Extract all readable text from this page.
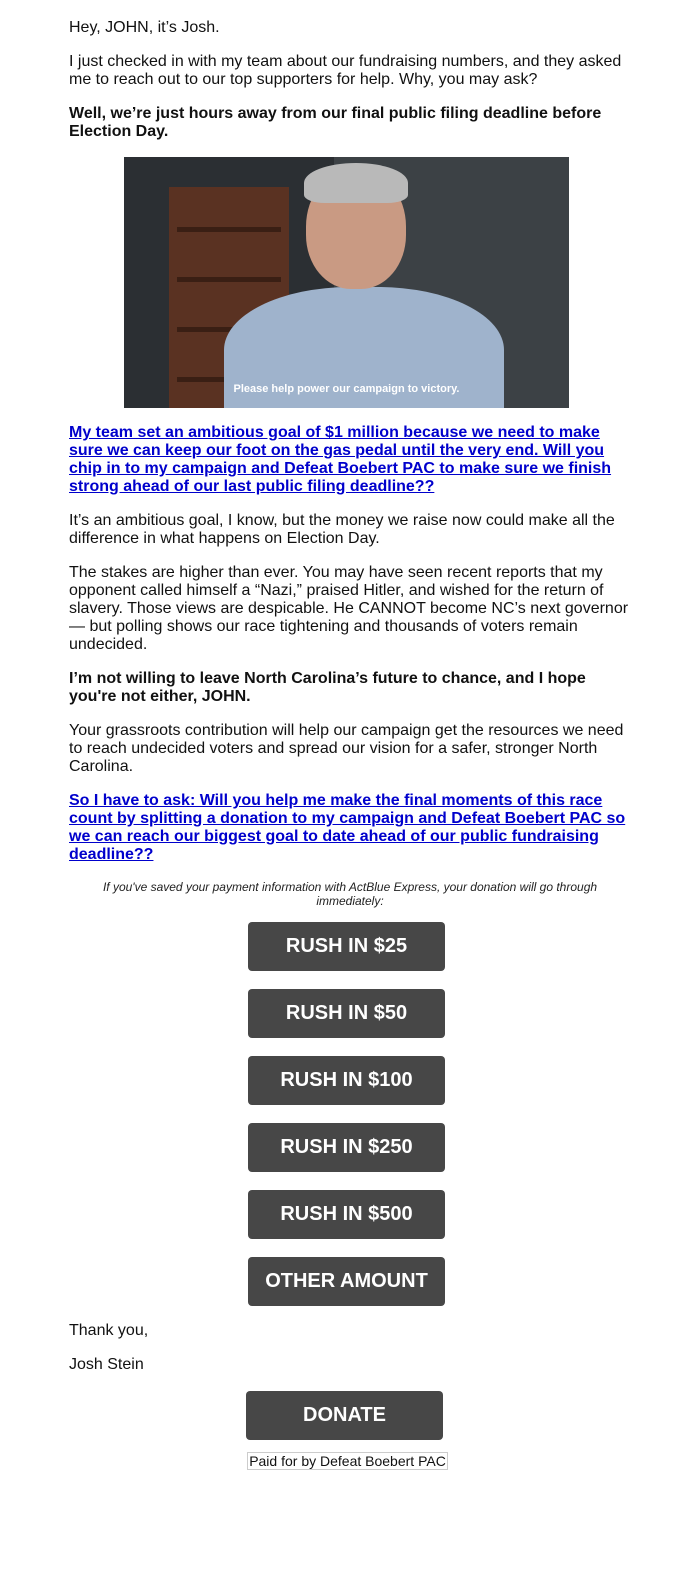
Hey, JOHN, it’s Josh.

I just checked in with my team about our fundraising numbers, and they asked me to reach out to our top supporters for help. Why, you may ask?

Well, we’re just hours away from our final public filing deadline before Election Day.

Please help power our campaign to victory.

My team set an ambitious goal of $1 million because we need to make sure we can keep our foot on the gas pedal until the very end. Will you chip in to my campaign and Defeat Boebert PAC to make sure we finish strong ahead of our last public filing deadline??

It’s an ambitious goal, I know, but the money we raise now could make all the difference in what happens on Election Day.

The stakes are higher than ever. You may have seen recent reports that my opponent called himself a “Nazi,” praised Hitler, and wished for the return of slavery. Those views are despicable. He CANNOT become NC’s next governor — but polling shows our race tightening and thousands of voters remain undecided.

I’m not willing to leave North Carolina’s future to chance, and I hope you're not either, JOHN.

Your grassroots contribution will help our campaign get the resources we need to reach undecided voters and spread our vision for a safer, stronger North Carolina.

So I have to ask: Will you help me make the final moments of this race count by splitting a donation to my campaign and Defeat Boebert PAC so we can reach our biggest goal to date ahead of our public fundraising deadline??

If you've saved your payment information with ActBlue Express, your donation will go through immediately:
RUSH IN $25
RUSH IN $50
RUSH IN $100
RUSH IN $250
RUSH IN $500
OTHER AMOUNT

Thank you,

Josh Stein

DONATE
Paid for by Defeat Boebert PAC
